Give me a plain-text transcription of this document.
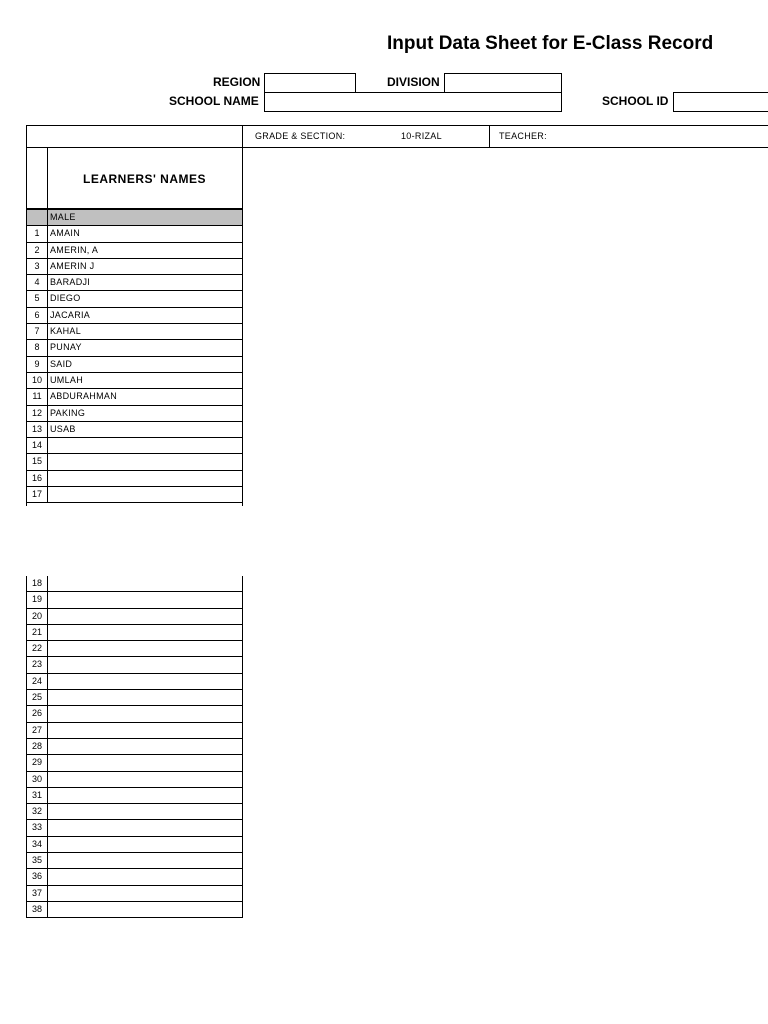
Input Data Sheet for E-Class Record
REGION	DIVISION
SCHOOL NAME	SCHOOL ID
GRADE & SECTION:	10-RIZAL	TEACHER:
LEARNERS' NAMES
MALE
1	AMAIN
2	AMERIN, A
3	AMERIN J
4	BARADJI
5	DIEGO
6	JACARIA
7	KAHAL
8	PUNAY
9	SAID
10 UMLAH
11 ABDURAHMAN
12 PAKING
13 USAB
14
15
16
17
18
19
20
21
22
23
24
25
26
27
28
29
30
31
32
33
34
35
36
37
38
